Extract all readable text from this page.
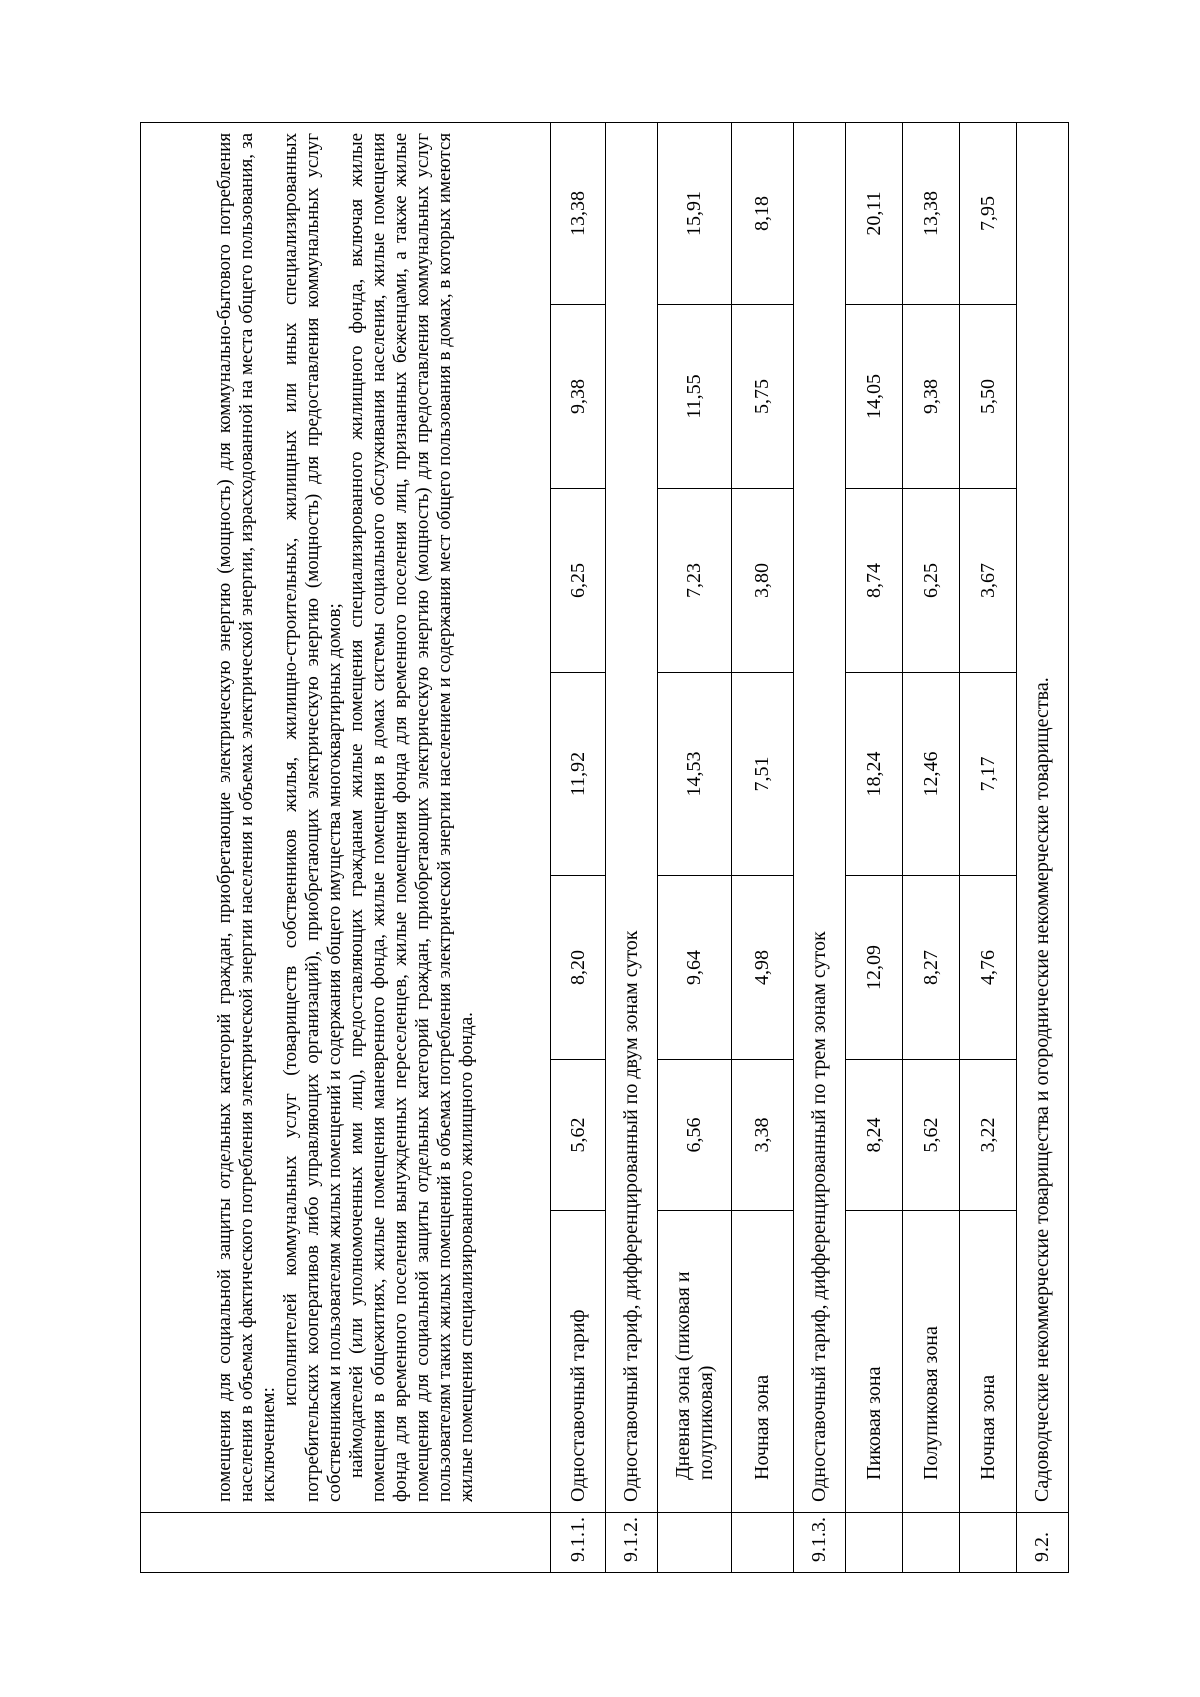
	помещения для социальной защиты отдельных категорий граждан, приобретающие электрическую энергию (мощность) для коммунально-бытового потребления населения в объемах фактического потребления электрической энергии населения и объемах электрической энергии, израсходованной на места общего пользования, за исключением:

исполнителей коммунальных услуг (товариществ собственников жилья, жилищно-строительных, жилищных или иных специализированных потребительских кооперативов либо управляющих организаций), приобретающих электрическую энергию (мощность) для предоставления коммунальных услуг собственникам и пользователям жилых помещений и содержания общего имущества многоквартирных домов; наймодателей (или уполномоченных ими лиц), предоставляющих гражданам жилые помещения специализированного жилищного фонда, включая жилые помещения в общежитиях, жилые помещения маневренного фонда, жилые помещения в домах системы социального обслуживания населения, жилые помещения фонда для временного поселения вынужденных переселенцев, жилые помещения фонда для временного поселения лиц, признанных беженцами, а также жилые помещения для социальной защиты отдельных категорий граждан, приобретающих электрическую энергию (мощность) для предоставления коммунальных услуг пользователям таких жилых помещений в объемах потребления электрической энергии населением и содержания мест общего пользования в домах, в которых имеются жилые помещения специализированного жилищного фонда.						

9.1.1.	Одноставочный тариф	5,62	8,20	11,92	6,25	9,38	13,38
9.1.2.	Одноставочный тариф, дифференцированный по двум зонам суток						
	Дневная зона (пиковая и полупиковая)	6,56	9,64	14,53	7,23	11,55	15,91
	Ночная зона	3,38	4,98	7,51	3,80	5,75	8,18
9.1.3.	Одноставочный тариф, дифференцированный по трем зонам суток						
	Пиковая зона	8,24	12,09	18,24	8,74	14,05	20,11
	Полупиковая зона	5,62	8,27	12,46	6,25	9,38	13,38
	Ночная зона	3,22	4,76	7,17	3,67	5,50	7,95
9.2.	Садоводческие некоммерческие товарищества и огороднические некоммерческие товарищества.						
